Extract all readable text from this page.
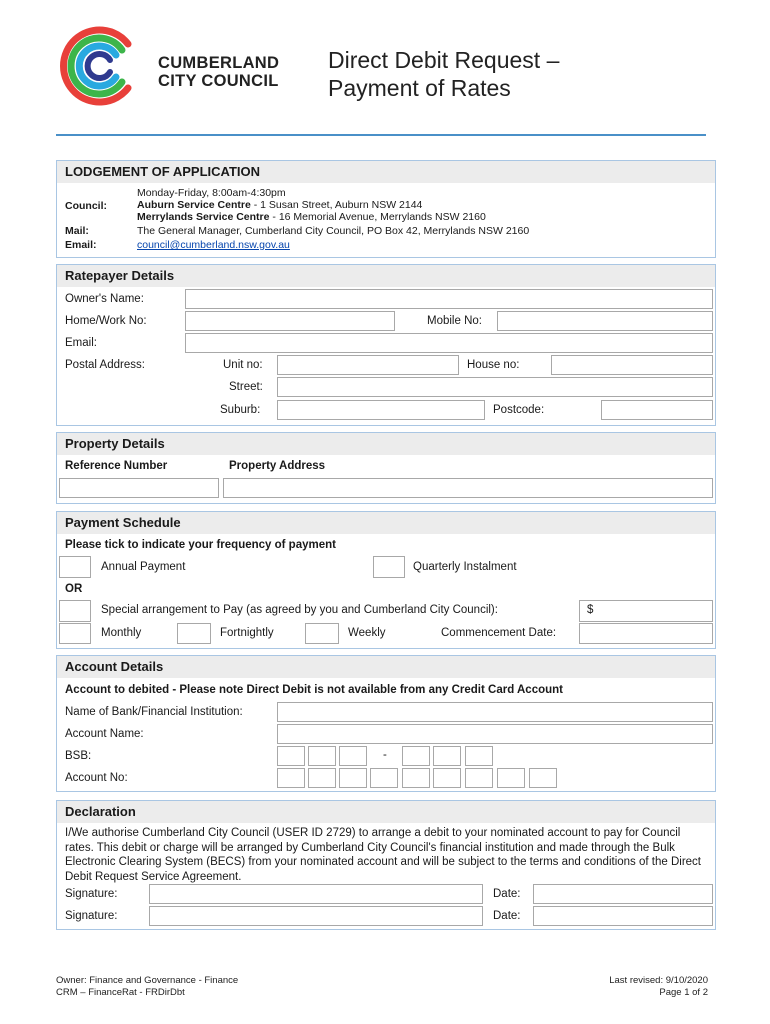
CUMBERLAND
CITY COUNCIL
Direct Debit Request –
Payment of Rates
LODGEMENT OF APPLICATION
Council:
Monday-Friday, 8:00am-4:30pm
Auburn Service Centre - 1 Susan Street, Auburn NSW 2144
Merrylands Service Centre - 16 Memorial Avenue, Merrylands NSW 2160
Mail:	The General Manager, Cumberland City Council, PO Box 42, Merrylands NSW 2160
Email:	council@cumberland.nsw.gov.au
Ratepayer Details
Owner's Name:
Home/Work No:	Mobile No:
Email:
Postal Address:	Unit no:	House no:
Street:
Suburb:	Postcode:
Property Details
Reference Number	Property Address
Payment Schedule
Please tick to indicate your frequency of payment
Annual Payment	Quarterly Instalment
OR
Special arrangement to Pay (as agreed by you and Cumberland City Council):	$
Monthly	Fortnightly	Weekly	Commencement Date:
Account Details
Account to debited - Please note Direct Debit is not available from any Credit Card Account
Name of Bank/Financial Institution:
Account Name:
BSB:	-
Account No:
Declaration
I/We authorise Cumberland City Council (USER ID 2729) to arrange a debit to your nominated account to pay for Council rates. This debit or charge will be arranged by Cumberland City Council's financial institution and made through the Bulk Electronic Clearing System (BECS) from your nominated account and will be subject to the terms and conditions of the Direct Debit Request Service Agreement.
Signature:	Date:
Signature:	Date:
Owner: Finance and Governance - Finance
CRM – FinanceRat - FRDirDbt
Last revised: 9/10/2020
Page 1 of 2
